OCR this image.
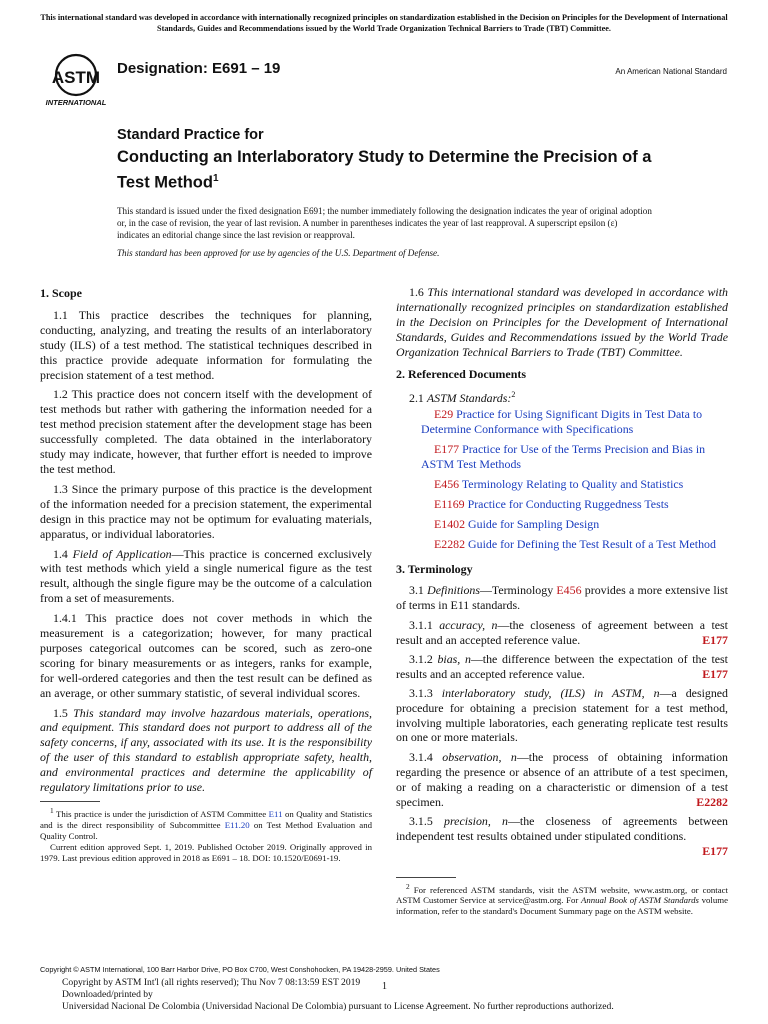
This international standard was developed in accordance with internationally recognized principles on standardization established in the Decision on Principles for the Development of International Standards, Guides and Recommendations issued by the World Trade Organization Technical Barriers to Trade (TBT) Committee.
ASTM
INTERNATIONAL
Designation: E691 – 19	An American National Standard
Standard Practice for
Conducting an Interlaboratory Study to Determine the Precision of a Test Method$^1$
This standard is issued under the fixed designation E691; the number immediately following the designation indicates the year of original adoption or, in the case of revision, the year of last revision. A number in parentheses indicates the year of last reapproval. A superscript epsilon (ε) indicates an editorial change since the last revision or reapproval.
This standard has been approved for use by agencies of the U.S. Department of Defense.
1. Scope

1.1 This practice describes the techniques for planning, conducting, analyzing, and treating the results of an interlaboratory study (ILS) of a test method. The statistical techniques described in this practice provide adequate information for formulating the precision statement of a test method.

1.2 This practice does not concern itself with the development of test methods but rather with gathering the information needed for a test method precision statement after the development stage has been successfully completed. The data obtained in the interlaboratory study may indicate, however, that further effort is needed to improve the test method.

1.3 Since the primary purpose of this practice is the development of the information needed for a precision statement, the experimental design in this practice may not be optimum for evaluating materials, apparatus, or individual laboratories.

1.4 Field of Application—This practice is concerned exclusively with test methods which yield a single numerical figure as the test result, although the single figure may be the outcome of a calculation from a set of measurements.

1.4.1 This practice does not cover methods in which the measurement is a categorization; however, for many practical purposes categorical outcomes can be scored, such as zero-one scoring for binary measurements or as integers, ranks for example, for well-ordered categories and then the test result can be defined as an average, or other summary statistic, of several individual scores.

1.5 This standard may involve hazardous materials, operations, and equipment. This standard does not purport to address all of the safety concerns, if any, associated with its use. It is the responsibility of the user of this standard to establish appropriate safety, health, and environmental practices and determine the applicability of regulatory limitations prior to use.

$^1$ This practice is under the jurisdiction of ASTM Committee E11 on Quality and Statistics and is the direct responsibility of Subcommittee E11.20 on Test Method Evaluation and Quality Control.

Current edition approved Sept. 1, 2019. Published October 2019. Originally approved in 1979. Last previous edition approved in 2018 as E691 – 18. DOI: 10.1520/E0691-19.

1.6 This international standard was developed in accordance with internationally recognized principles on standardization established in the Decision on Principles for the Development of International Standards, Guides and Recommendations issued by the World Trade Organization Technical Barriers to Trade (TBT) Committee.

2. Referenced Documents

2.1 ASTM Standards:$^2$

E29 Practice for Using Significant Digits in Test Data to Determine Conformance with Specifications

E177 Practice for Use of the Terms Precision and Bias in ASTM Test Methods

E456 Terminology Relating to Quality and Statistics

E1169 Practice for Conducting Ruggedness Tests

E1402 Guide for Sampling Design

E2282 Guide for Defining the Test Result of a Test Method

3. Terminology

3.1 Definitions—Terminology E456 provides a more extensive list of terms in E11 standards.

3.1.1 accuracy, n—the closeness of agreement between a test result and an accepted reference value.	E177

3.1.2 bias, n—the difference between the expectation of the test results and an accepted reference value.	E177

3.1.3 interlaboratory study, (ILS) in ASTM, n—a designed procedure for obtaining a precision statement for a test method, involving multiple laboratories, each generating replicate test results on one or more materials.

3.1.4 observation, n—the process of obtaining information regarding the presence or absence of an attribute of a test specimen, or of making a reading on a characteristic or dimension of a test specimen.	E2282

3.1.5 precision, n—the closeness of agreements between independent test results obtained under stipulated conditions.

E177

$^2$ For referenced ASTM standards, visit the ASTM website, www.astm.org, or contact ASTM Customer Service at service@astm.org. For Annual Book of ASTM Standards volume information, refer to the standard's Document Summary page on the ASTM website.

Copyright © ASTM International, 100 Barr Harbor Drive, PO Box C700, West Conshohocken, PA 19428-2959. United States
Copyright by ASTM Int'l (all rights reserved); Thu Nov 7 08:13:59 EST 2019
Downloaded/printed by
Universidad Nacional De Colombia (Universidad Nacional De Colombia) pursuant to License Agreement. No further reproductions authorized.
1
